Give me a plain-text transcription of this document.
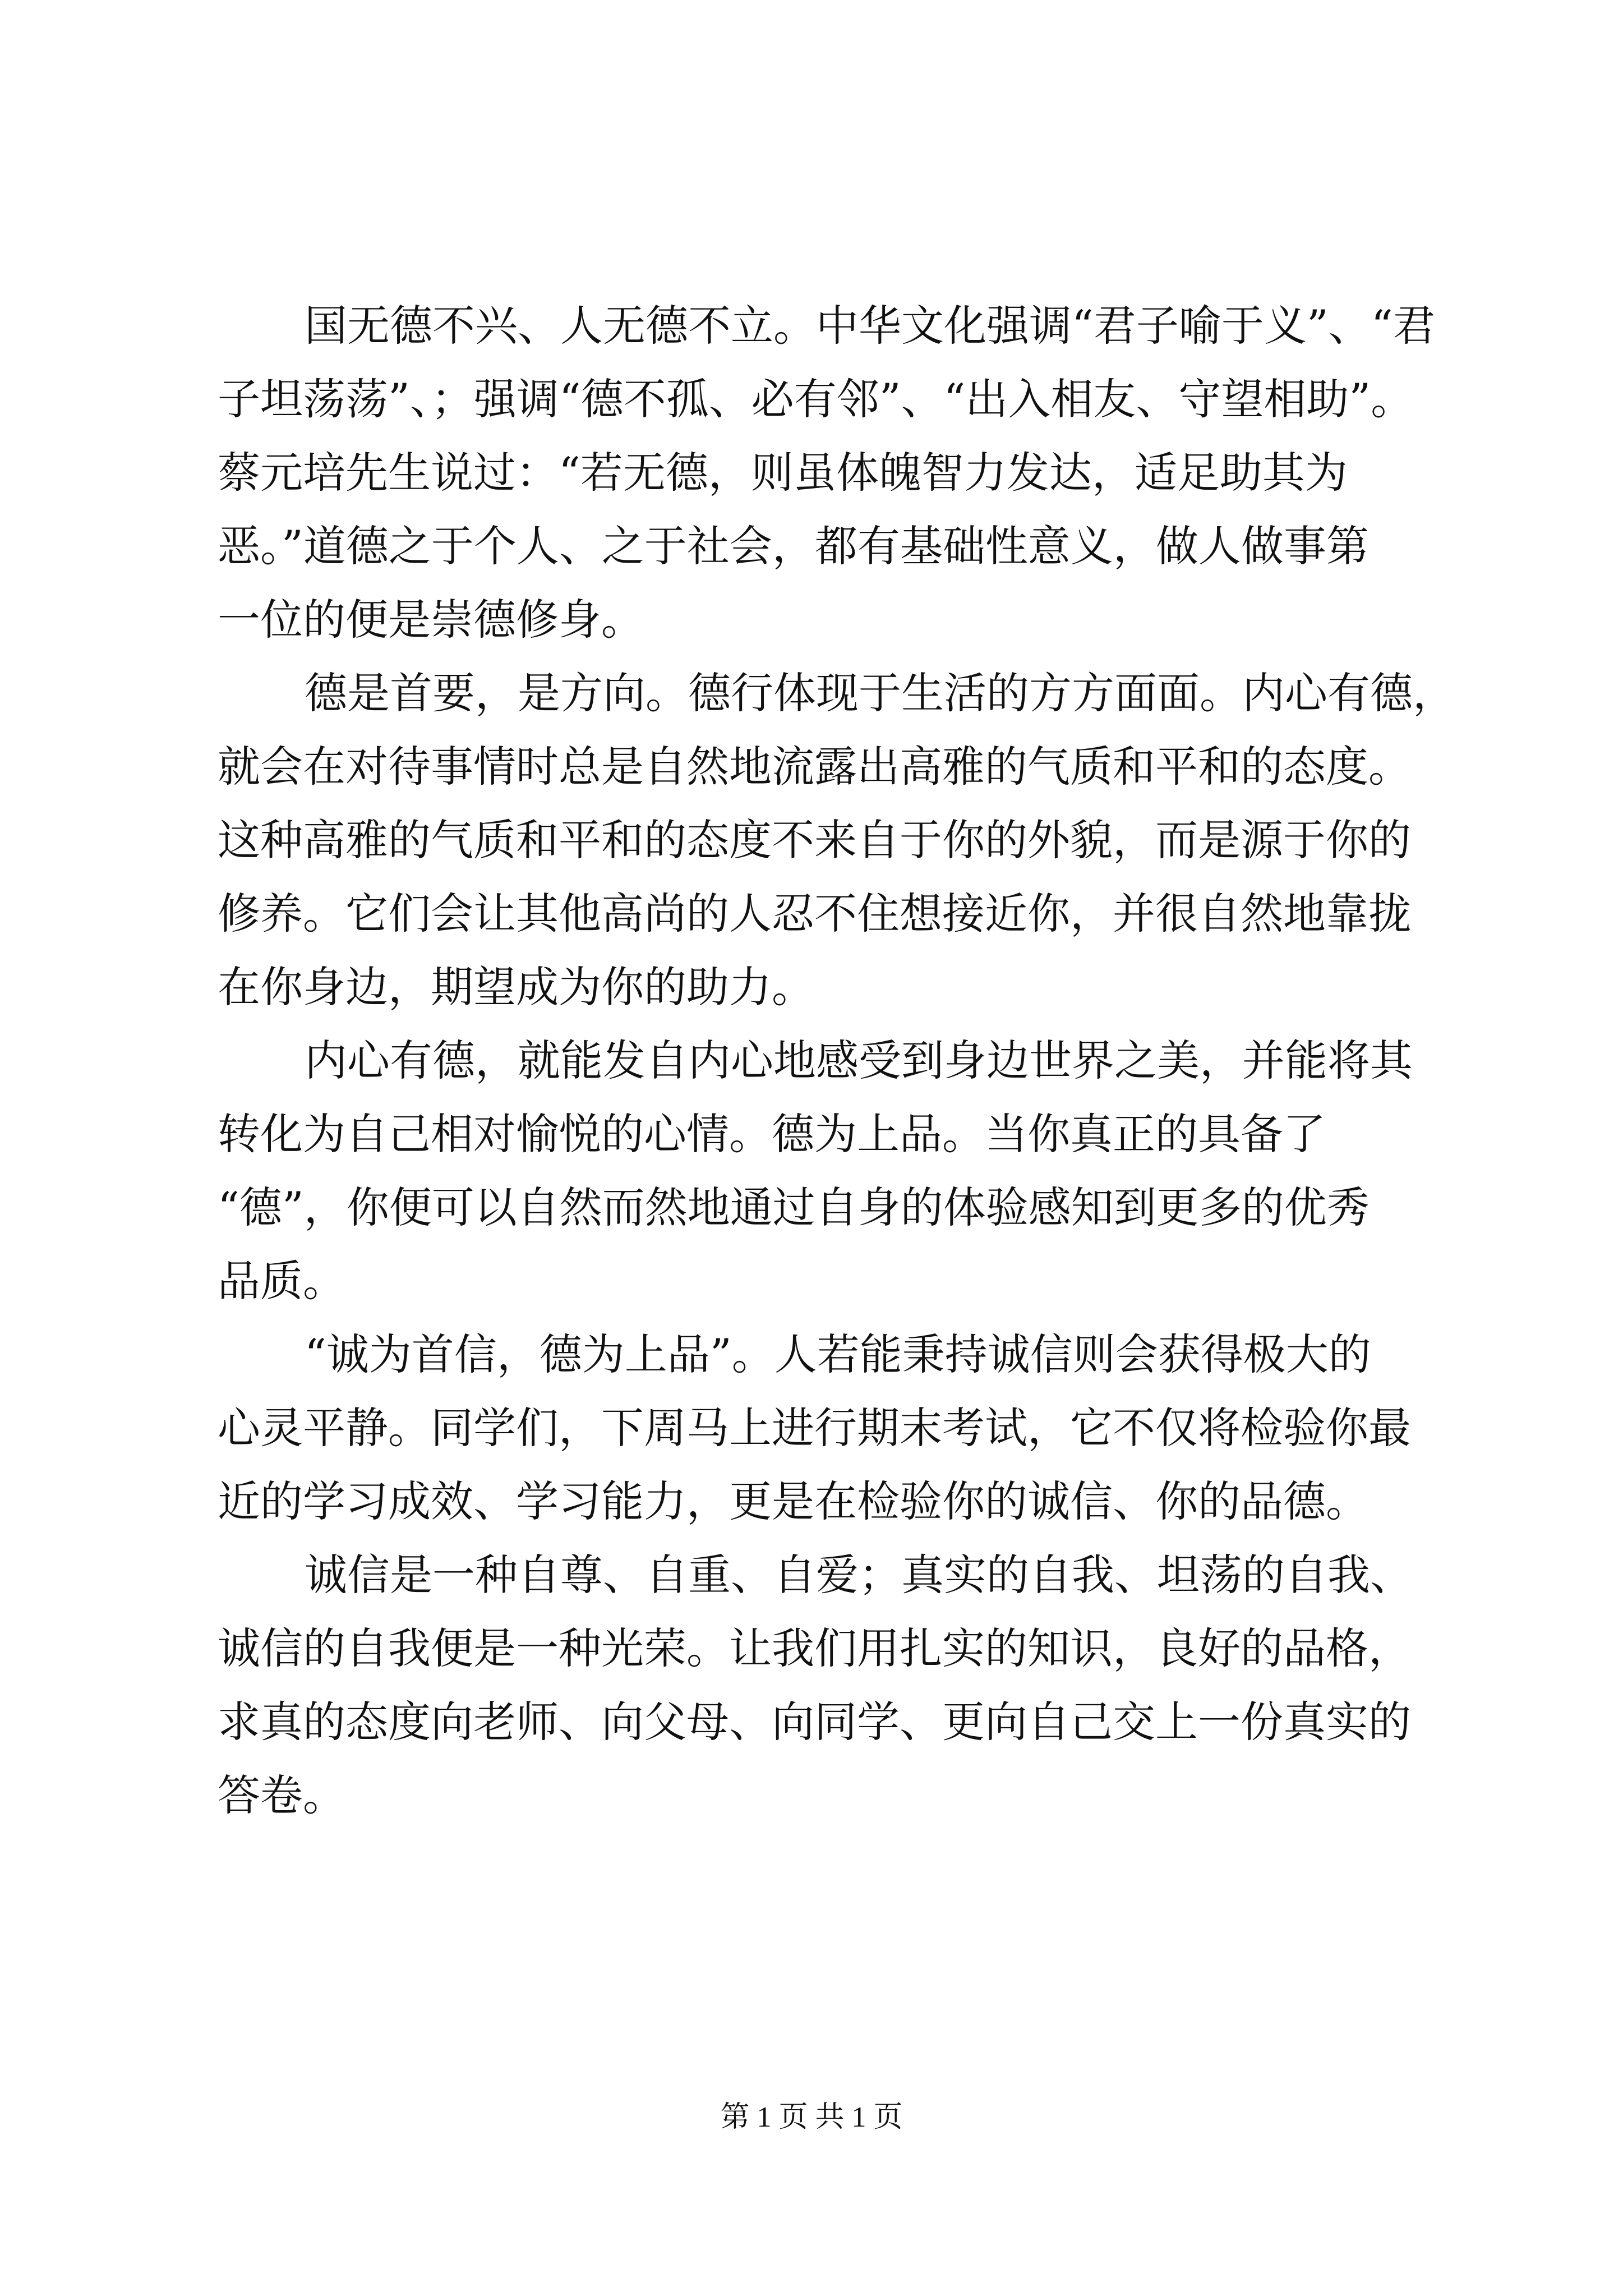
国无德不兴、人无德不立。中华文化强调“君子喻于义”、“君
子坦荡荡”、；强调“德不孤、必有邻”、“出入相友、守望相助”。
蔡元培先生说过：“若无德，则虽体魄智力发达，适足助其为
恶。”道德之于个人、之于社会，都有基础性意义，做人做事第
一位的便是崇德修身。
德是首要，是方向。德行体现于生活的方方面面。内心有德，
就会在对待事情时总是自然地流露出高雅的气质和平和的态度。
这种高雅的气质和平和的态度不来自于你的外貌，而是源于你的
修养。它们会让其他高尚的人忍不住想接近你，并很自然地靠拢
在你身边，期望成为你的助力。
内心有德，就能发自内心地感受到身边世界之美，并能将其
转化为自己相对愉悦的心情。德为上品。当你真正的具备了
“德”，你便可以自然而然地通过自身的体验感知到更多的优秀
品质。
“诚为首信，德为上品”。人若能秉持诚信则会获得极大的
心灵平静。同学们，下周马上进行期末考试，它不仅将检验你最
近的学习成效、学习能力，更是在检验你的诚信、你的品德。
诚信是一种自尊、自重、自爱；真实的自我、坦荡的自我、
诚信的自我便是一种光荣。让我们用扎实的知识，良好的品格，
求真的态度向老师、向父母、向同学、更向自己交上一份真实的
答卷。
第 1 页 共 1 页
